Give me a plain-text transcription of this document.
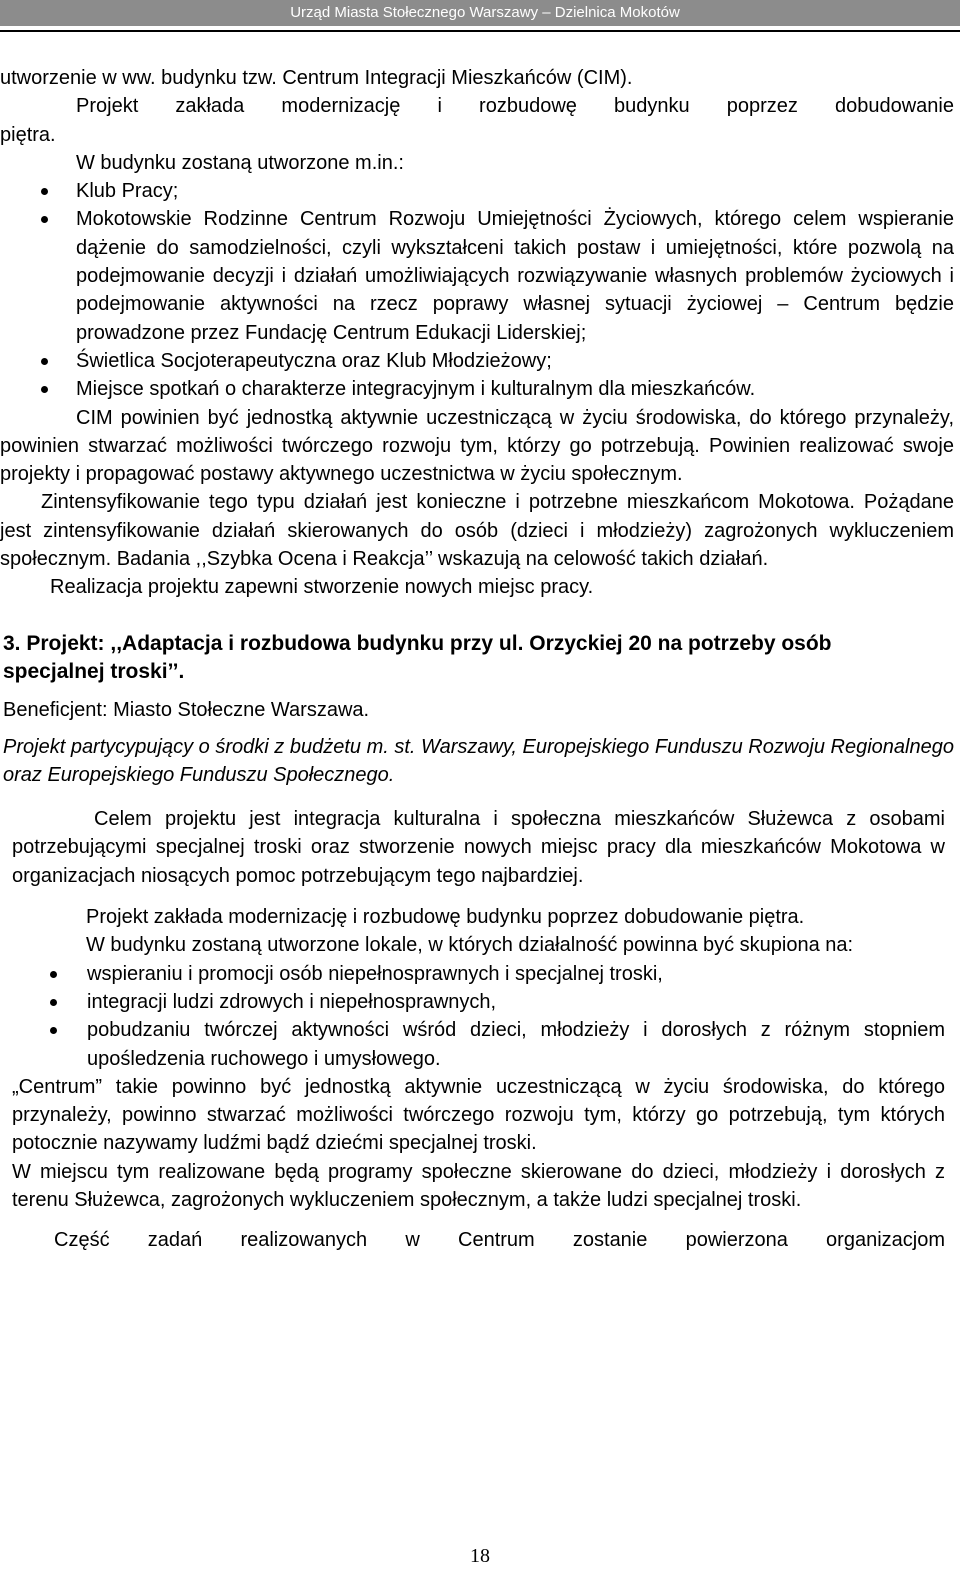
Urząd Miasta Stołecznego Warszawy – Dzielnica Mokotów

utworzenie w ww. budynku tzw. Centrum Integracji Mieszkańców (CIM).

Projekt zakłada modernizację i rozbudowę budynku poprzez dobudowanie

piętra.

W budynku zostaną utworzone m.in.:

Klub Pracy;
Mokotowskie Rodzinne Centrum Rozwoju Umiejętności Życiowych, którego celem wspieranie dążenie do samodzielności, czyli wykształceni takich postaw i umiejętności, które pozwolą na podejmowanie decyzji i działań umożliwiających rozwiązywanie własnych problemów życiowych i podejmowanie aktywności na rzecz poprawy własnej sytuacji życiowej – Centrum będzie prowadzone przez Fundację Centrum Edukacji Liderskiej;
Świetlica Socjoterapeutyczna oraz Klub Młodzieżowy;
Miejsce spotkań o charakterze integracyjnym i kulturalnym dla mieszkańców.

CIM powinien być jednostką aktywnie uczestniczącą w życiu środowiska, do którego przynależy, powinien stwarzać możliwości twórczego rozwoju tym, którzy go potrzebują. Powinien realizować swoje projekty i propagować postawy aktywnego uczestnictwa w życiu społecznym.

Zintensyfikowanie tego typu działań jest konieczne i potrzebne mieszkańcom Mokotowa. Pożądane jest zintensyfikowanie działań skierowanych do osób (dzieci i młodzieży) zagrożonych wykluczeniem społecznym. Badania ,,Szybka Ocena i Reakcja’’ wskazują na celowość takich działań.

Realizacja projektu zapewni stworzenie nowych miejsc pracy.

3. Projekt: ,,Adaptacja i rozbudowa budynku przy ul. Orzyckiej 20 na potrzeby osób specjalnej troski’’.

Beneficjent: Miasto Stołeczne Warszawa.

Projekt partycypujący o środki z budżetu m. st. Warszawy, Europejskiego Funduszu Rozwoju Regionalnego oraz Europejskiego Funduszu Społecznego.

Celem projektu jest integracja kulturalna i społeczna mieszkańców Służewca z osobami potrzebującymi specjalnej troski oraz stworzenie nowych miejsc pracy dla mieszkańców Mokotowa w organizacjach niosących pomoc potrzebującym tego najbardziej.

Projekt zakłada modernizację i rozbudowę budynku poprzez dobudowanie piętra.

W budynku zostaną utworzone lokale, w których działalność powinna być skupiona na:

wspieraniu i promocji osób niepełnosprawnych i specjalnej troski,
integracji ludzi zdrowych i niepełnosprawnych,
pobudzaniu twórczej aktywności wśród dzieci, młodzieży i dorosłych z różnym stopniem upośledzenia ruchowego i umysłowego.

„Centrum” takie powinno być jednostką aktywnie uczestniczącą w życiu środowiska, do którego przynależy, powinno stwarzać możliwości twórczego rozwoju tym, którzy go potrzebują, tym których potocznie nazywamy ludźmi bądź dziećmi specjalnej troski.

W miejscu tym realizowane będą programy społeczne skierowane do dzieci, młodzieży i dorosłych z terenu Służewca, zagrożonych wykluczeniem społecznym, a także ludzi specjalnej troski.

Część zadań realizowanych w Centrum zostanie powierzona organizacjom

18
